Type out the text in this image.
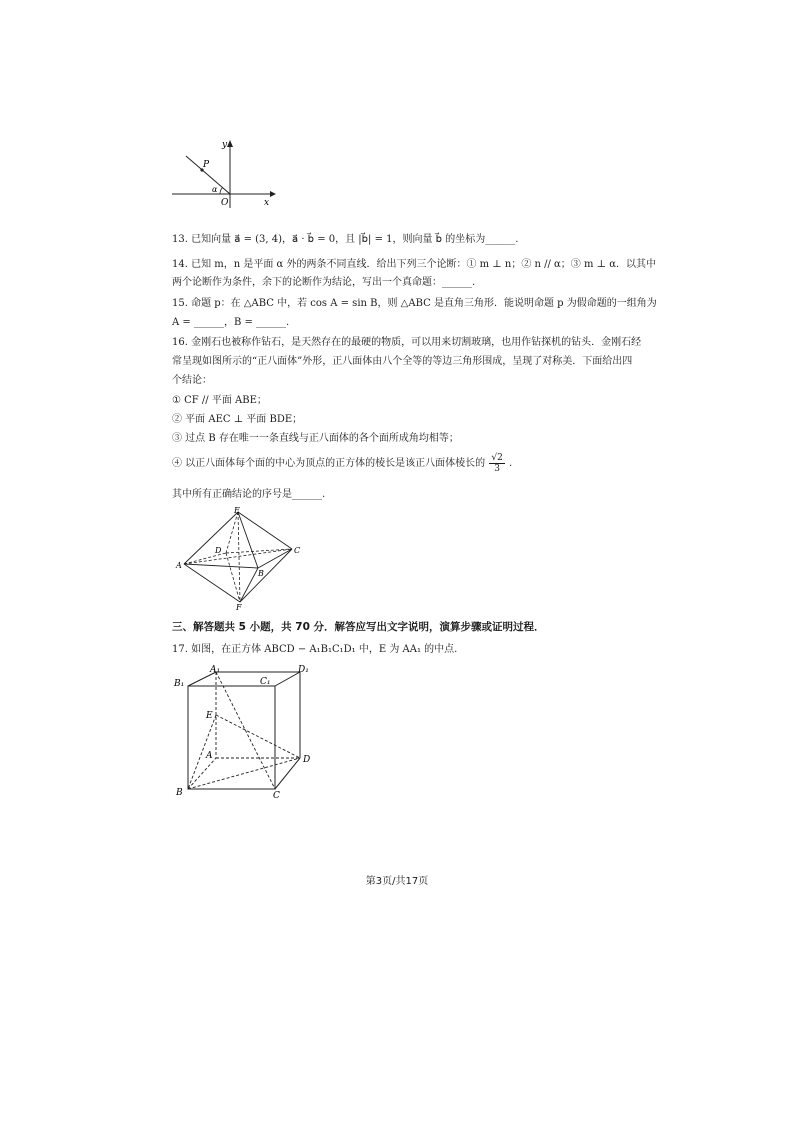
y
P
α
O	x
13. 已知向量 a⃗ = (3, 4)，a⃗ · b⃗ = 0，且 |b⃗| = 1，则向量 b⃗ 的坐标为______.
14. 已知 m，n 是平面 α 外的两条不同直线．给出下列三个论断：① m ⊥ n；② n // α；③ m ⊥ α．以其中
两个论断作为条件，余下的论断作为结论，写出一个真命题：______.
15. 命题 p：在 △ABC 中，若 cos A = sin B，则 △ABC 是直角三角形．能说明命题 p 为假命题的一组角为
A = ______，B = ______.
16. 金刚石也被称作钻石，是天然存在的最硬的物质，可以用来切割玻璃，也用作钻探机的钻头．金刚石经
常呈现如图所示的“正八面体”外形，正八面体由八个全等的等边三角形围成，呈现了对称美．下面给出四
个结论：
① CF // 平面 ABE；
② 平面 AEC ⊥ 平面 BDE；
③ 过点 B 存在唯一一条直线与正八面体的各个面所成角均相等；
④ 以正八面体每个面的中心为顶点的正方体的棱长是该正八面体棱长的 $\frac{√2}{3}$ .
其中所有正确结论的序号是______.
E
D	C
A
B
F
三、解答题共 5 小题，共 70 分．解答应写出文字说明，演算步骤或证明过程．
17. 如图，在正方体 ABCD − A₁B₁C₁D₁ 中，E 为 AA₁ 的中点.
A₁	D₁
B₁	C₁
E
A	D
B	C
第3页/共17页
